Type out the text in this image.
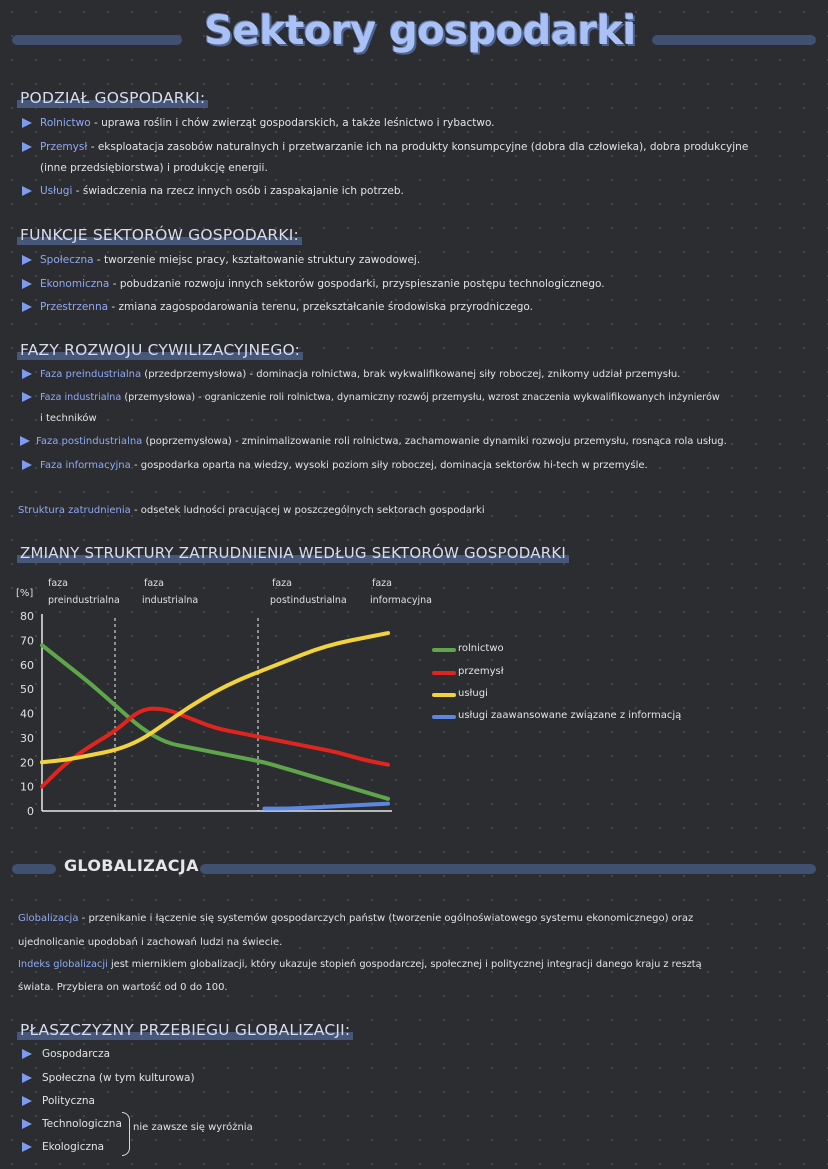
Sektory gospodarki
PODZIAŁ GOSPODARKI:
Rolnictwo - uprawa roślin i chów zwierząt gospodarskich, a także leśnictwo i rybactwo.
Przemysł - eksploatacja zasobów naturalnych i przetwarzanie ich na produkty konsumpcyjne (dobra dla człowieka), dobra produkcyjne
(inne przedsiębiorstwa) i produkcję energii.
Usługi - świadczenia na rzecz innych osób i zaspakajanie ich potrzeb.
FUNKCJE SEKTORÓW GOSPODARKI:
Społeczna - tworzenie miejsc pracy, kształtowanie struktury zawodowej.
Ekonomiczna - pobudzanie rozwoju innych sektorów gospodarki, przyspieszanie postępu technologicznego.
Przestrzenna - zmiana zagospodarowania terenu, przekształcanie środowiska przyrodniczego.
FAZY ROZWOJU CYWILIZACYJNEGO:
Faza preindustrialna (przedprzemysłowa) - dominacja rolnictwa, brak wykwalifikowanej siły roboczej, znikomy udział przemysłu.
Faza industrialna (przemysłowa) - ograniczenie roli rolnictwa, dynamiczny rozwój przemysłu, wzrost znaczenia wykwalifikowanych inżynierów
i techników
Faza postindustrialna (poprzemysłowa) - zminimalizowanie roli rolnictwa, zachamowanie dynamiki rozwoju przemysłu, rosnąca rola usług.
Faza informacyjna - gospodarka oparta na wiedzy, wysoki poziom siły roboczej, dominacja sektorów hi-tech w przemyśle.
Struktura zatrudnienia - odsetek ludności pracującej w poszczególnych sektorach gospodarki
ZMIANY STRUKTURY ZATRUDNIENIA WEDŁUG SEKTORÓW GOSPODARKI
[%]
0
10
20
30
40
50
60
70
80
faza
preindustrialna
faza
industrialna
faza
postindustrialna
faza
informacyjna
rolnictwo
przemysł
usługi
usługi zaawansowane związane z informacją
GLOBALIZACJA
Globalizacja - przenikanie i łączenie się systemów gospodarczych państw (tworzenie ogólnoświatowego systemu ekonomicznego) oraz
ujednolicanie upodobań i zachowań ludzi na świecie.
Indeks globalizacji jest miernikiem globalizacji, który ukazuje stopień gospodarczej, społecznej i politycznej integracji danego kraju z resztą
świata. Przybiera on wartość od 0 do 100.
PŁASZCZYZNY PRZEBIEGU GLOBALIZACJI:
Gospodarcza
Społeczna (w tym kulturowa)
Polityczna
Technologiczna
Ekologiczna
nie zawsze się wyróżnia
